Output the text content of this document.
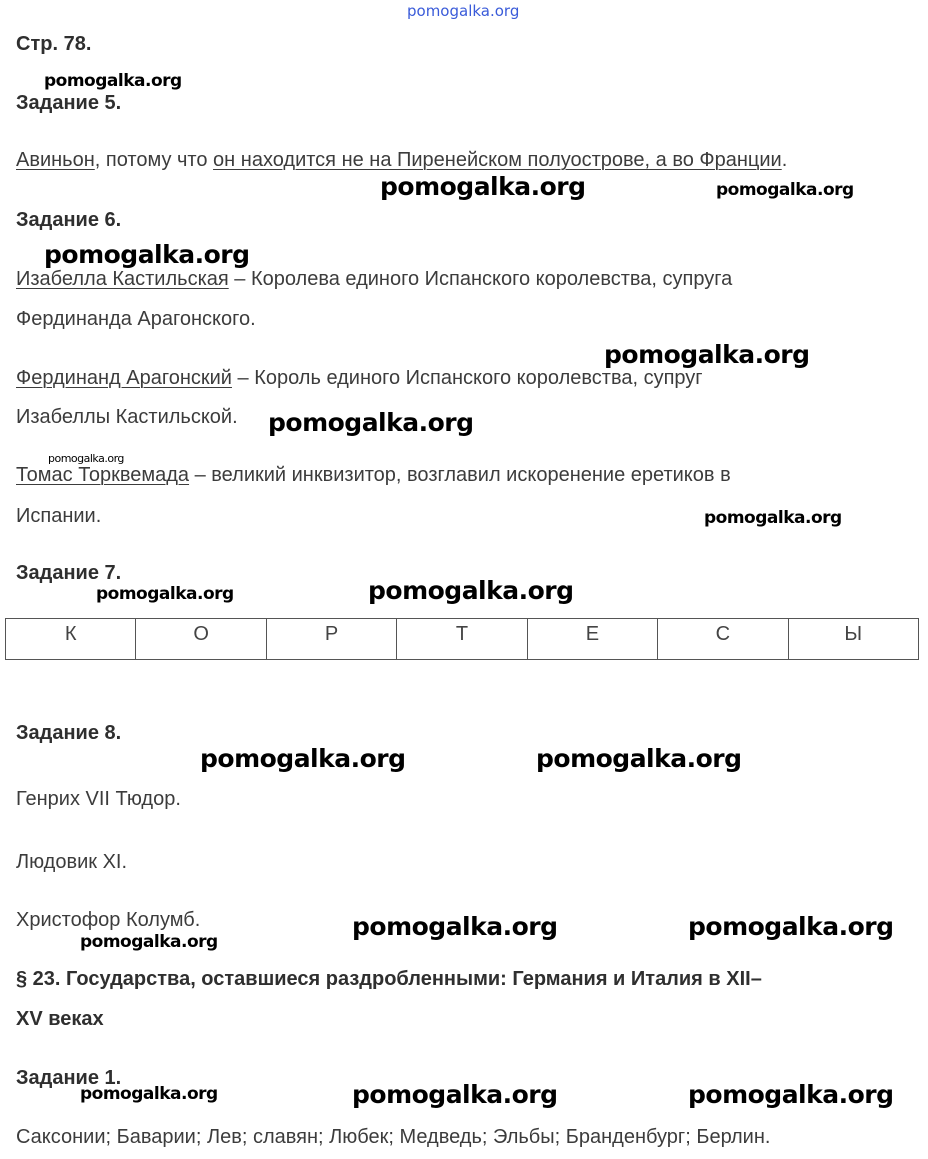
pomogalka.org
Стр. 78.
pomogalka.org
Задание 5.
Авиньон, потому что он находится не на Пиренейском полуострове, а во Франции.
pomogalka.org	pomogalka.org
Задание 6.
pomogalka.org
Изабелла Кастильская – Королева единого Испанского королевства, супруга
Фердинанда Арагонского.
pomogalka.org
Фердинанд Арагонский – Король единого Испанского королевства, супруг
Изабеллы Кастильской. pomogalka.org
pomogalka.org
Томас Торквемада – великий инквизитор, возглавил искоренение еретиков в
Испании.	pomogalka.org
Задание 7.
pomogalka.org
pomogalka.org
К	О	Р	Т	Е	С	Ы
Задание 8.
pomogalka.org	pomogalka.org
Генрих VII Тюдор.
Людовик XI.
Христофор Колумб.	pomogalka.org	pomogalka.org
pomogalka.org
§ 23. Государства, оставшиеся раздробленными: Германия и Италия в XII–
XV веках
Задание 1.
pomogalka.org	pomogalka.org	pomogalka.org
Саксонии; Баварии; Лев; славян; Любек; Медведь; Эльбы; Бранденбург; Берлин.
